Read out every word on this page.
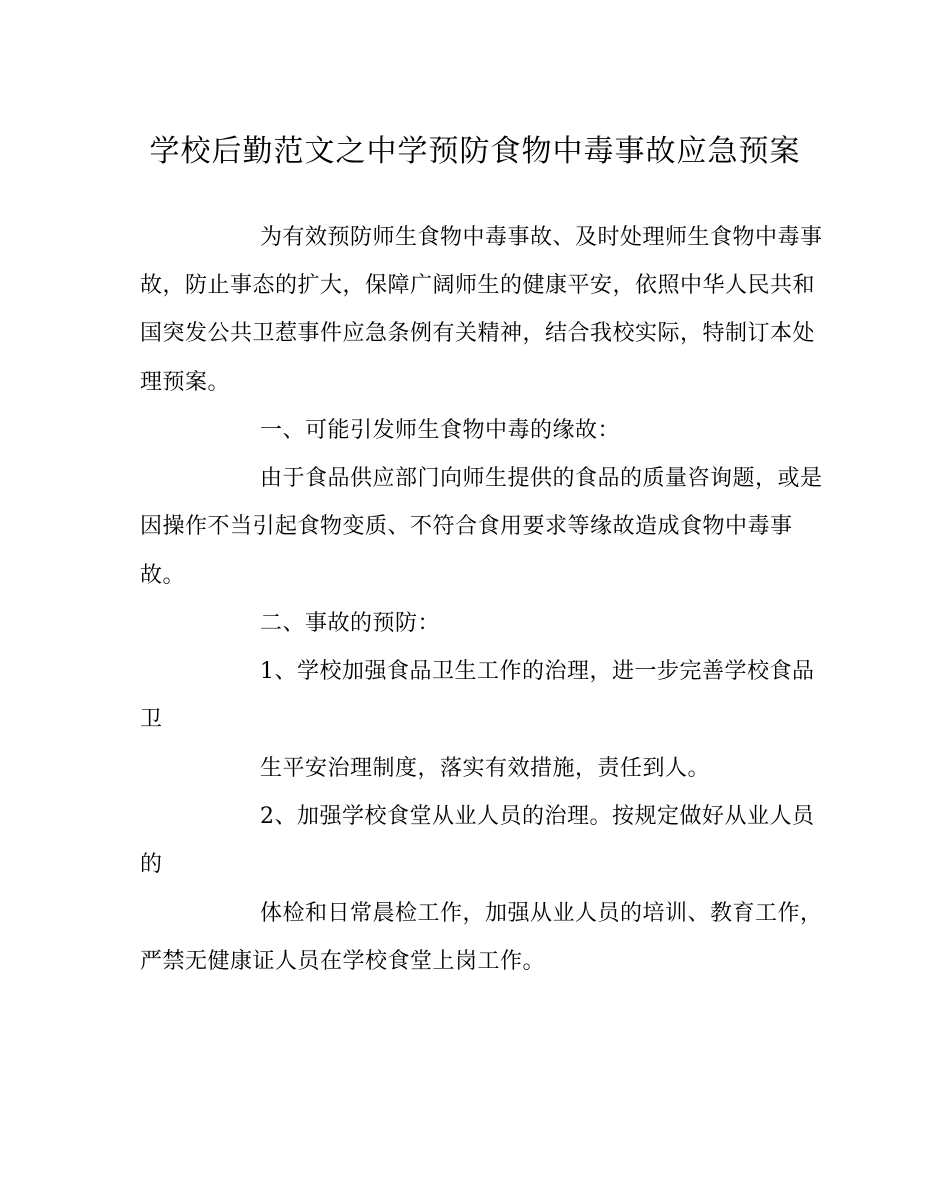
学校后勤范文之中学预防食物中毒事故应急预案
为有效预防师生食物中毒事故、及时处理师生食物中毒事
故，防止事态的扩大，保障广阔师生的健康平安，依照中华人民共和
国突发公共卫惹事件应急条例有关精神，结合我校实际，特制订本处
理预案。
一、可能引发师生食物中毒的缘故：
由于食品供应部门向师生提供的食品的质量咨询题，或是
因操作不当引起食物变质、不符合食用要求等缘故造成食物中毒事
故。
二、事故的预防：
1、学校加强食品卫生工作的治理，进一步完善学校食品
卫
生平安治理制度，落实有效措施，责任到人。
2、加强学校食堂从业人员的治理。按规定做好从业人员
的
体检和日常晨检工作，加强从业人员的培训、教育工作，
严禁无健康证人员在学校食堂上岗工作。
